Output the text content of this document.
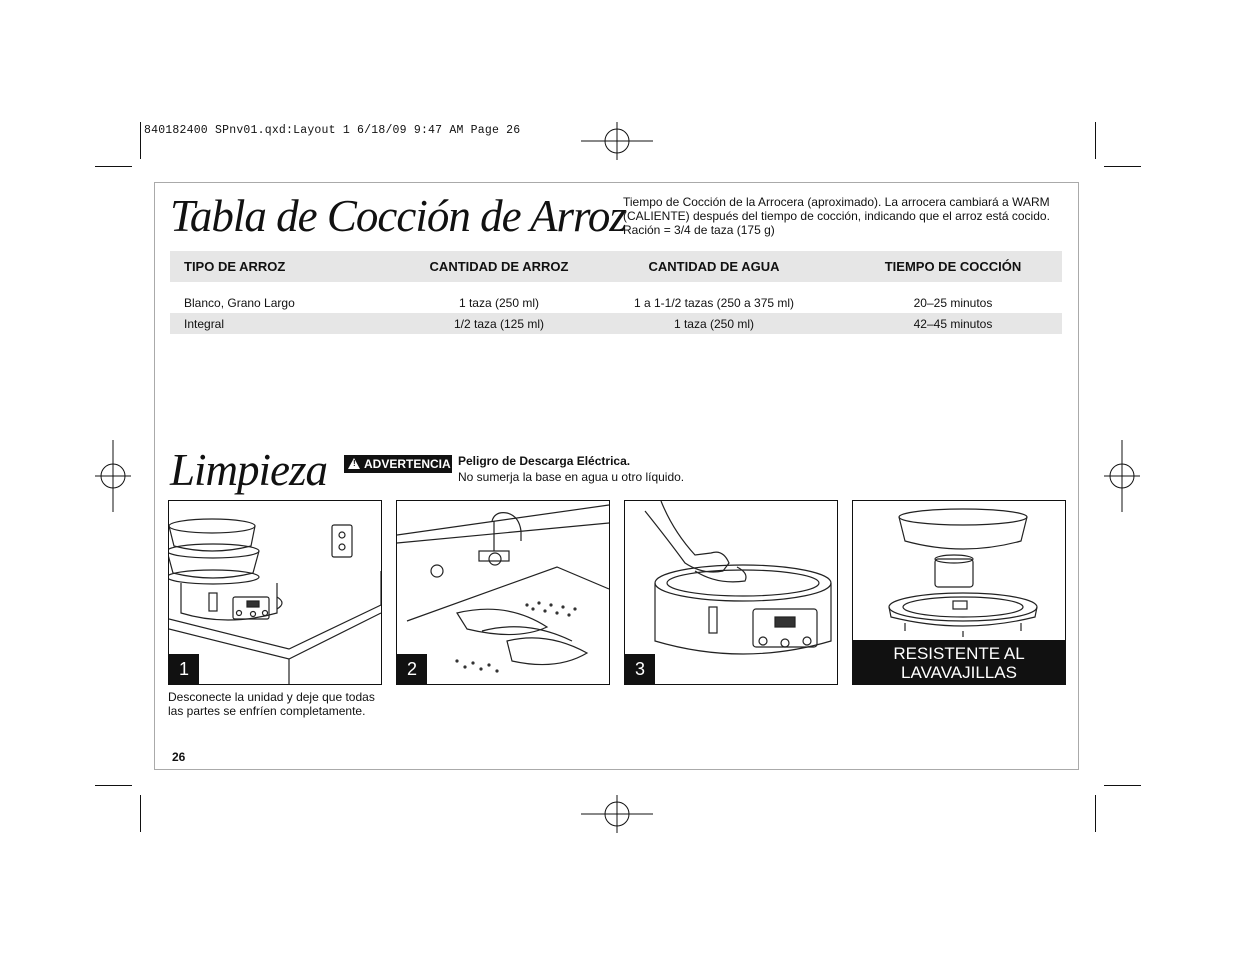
840182400 SPnv01.qxd:Layout 1 6/18/09 9:47 AM Page 26
Tabla de Cocción de Arroz
Tiempo de Cocción de la Arrocera (aproximado). La arrocera cambiará a WARM
(CALIENTE) después del tiempo de cocción, indicando que el arroz está cocido.
Ración = 3/4 de taza (175 g)
TIPO DE ARROZ	CANTIDAD DE ARROZ	CANTIDAD DE AGUA	TIEMPO DE COCCIÓN

Blanco, Grano Largo	1 taza (250 ml)	1 a 1-1/2 tazas (250 a 375 ml)	20–25 minutos
Integral	1/2 taza (125 ml)	1 taza (250 ml)	42–45 minutos
Limpieza	! ADVERTENCIA Peligro de Descarga Eléctrica.
No sumerja la base en agua u otro líquido.
1	2	3
RESISTENTE AL
LAVAVAJILLAS
Desconecte la unidad y deje que todas
las partes se enfríen completamente.
26
